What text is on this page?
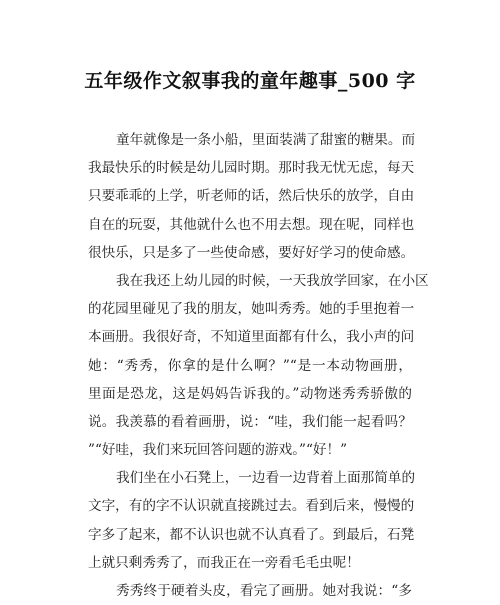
五年级作文叙事我的童年趣事_500 字
童年就像是一条小船，里面装满了甜蜜的糖果。而
我最快乐的时候是幼儿园时期。那时我无忧无虑，每天
只要乖乖的上学，听老师的话，然后快乐的放学，自由
自在的玩耍，其他就什么也不用去想。现在呢，同样也
很快乐，只是多了一些使命感，要好好学习的使命感。
我在我还上幼儿园的时候，一天我放学回家，在小区
的花园里碰见了我的朋友，她叫秀秀。她的手里抱着一
本画册。我很好奇，不知道里面都有什么，我小声的问
她：“秀秀，你拿的是什么啊？”“是一本动物画册，
里面是恐龙，这是妈妈告诉我的。”动物迷秀秀骄傲的
说。我羡慕的看着画册，说：“哇，我们能一起看吗？
”“好哇，我们来玩回答问题的游戏。”“好！”
我们坐在小石凳上，一边看一边背着上面那简单的
文字，有的字不认识就直接跳过去。看到后来，慢慢的
字多了起来，都不认识也就不认真看了。到最后，石凳
上就只剩秀秀了，而我正在一旁看毛毛虫呢！
秀秀终于硬着头皮，看完了画册。她对我说：“多
